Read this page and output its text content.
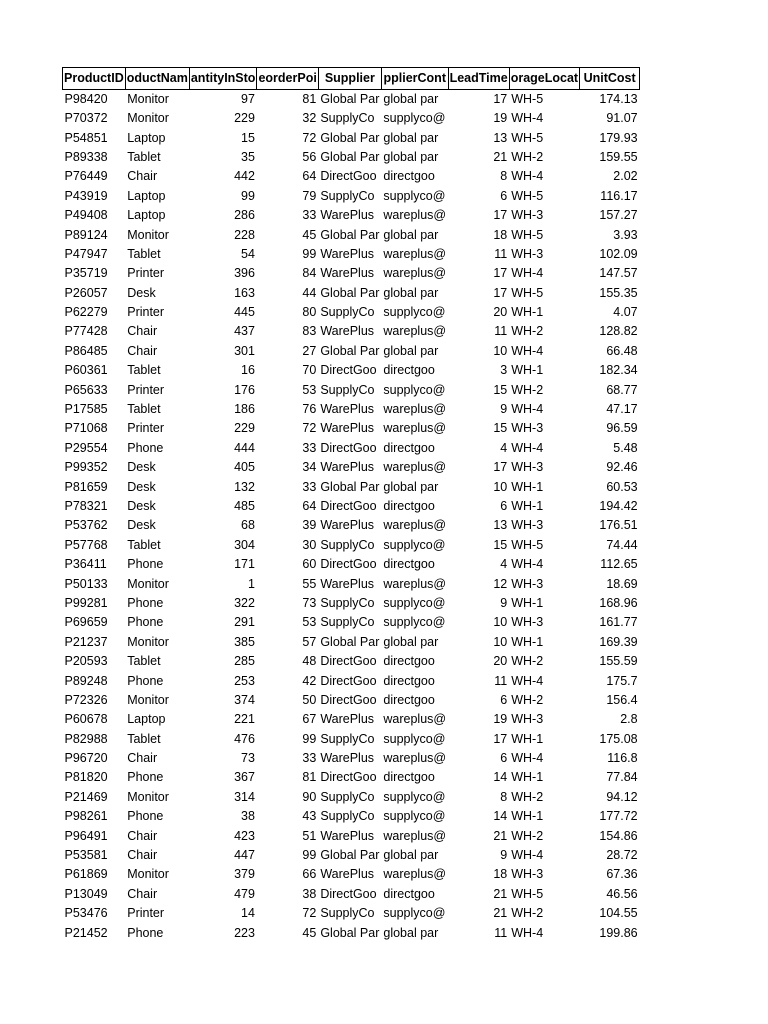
ProductID	oductNam	antityInSto	eorderPoi	Supplier	pplierCont	LeadTime	orageLocat	UnitCost
P98420	Monitor	97	81	Global Par	global par	17	WH-5	174.13
P70372	Monitor	229	32	SupplyCo	supplyco@	19	WH-4	91.07
P54851	Laptop	15	72	Global Par	global par	13	WH-5	179.93
P89338	Tablet	35	56	Global Par	global par	21	WH-2	159.55
P76449	Chair	442	64	DirectGoo	directgoo	8	WH-4	2.02
P43919	Laptop	99	79	SupplyCo	supplyco@	6	WH-5	116.17
P49408	Laptop	286	33	WarePlus	wareplus@	17	WH-3	157.27
P89124	Monitor	228	45	Global Par	global par	18	WH-5	3.93
P47947	Tablet	54	99	WarePlus	wareplus@	11	WH-3	102.09
P35719	Printer	396	84	WarePlus	wareplus@	17	WH-4	147.57
P26057	Desk	163	44	Global Par	global par	17	WH-5	155.35
P62279	Printer	445	80	SupplyCo	supplyco@	20	WH-1	4.07
P77428	Chair	437	83	WarePlus	wareplus@	11	WH-2	128.82
P86485	Chair	301	27	Global Par	global par	10	WH-4	66.48
P60361	Tablet	16	70	DirectGoo	directgoo	3	WH-1	182.34
P65633	Printer	176	53	SupplyCo	supplyco@	15	WH-2	68.77
P17585	Tablet	186	76	WarePlus	wareplus@	9	WH-4	47.17
P71068	Printer	229	72	WarePlus	wareplus@	15	WH-3	96.59
P29554	Phone	444	33	DirectGoo	directgoo	4	WH-4	5.48
P99352	Desk	405	34	WarePlus	wareplus@	17	WH-3	92.46
P81659	Desk	132	33	Global Par	global par	10	WH-1	60.53
P78321	Desk	485	64	DirectGoo	directgoo	6	WH-1	194.42
P53762	Desk	68	39	WarePlus	wareplus@	13	WH-3	176.51
P57768	Tablet	304	30	SupplyCo	supplyco@	15	WH-5	74.44
P36411	Phone	171	60	DirectGoo	directgoo	4	WH-4	112.65
P50133	Monitor	1	55	WarePlus	wareplus@	12	WH-3	18.69
P99281	Phone	322	73	SupplyCo	supplyco@	9	WH-1	168.96
P69659	Phone	291	53	SupplyCo	supplyco@	10	WH-3	161.77
P21237	Monitor	385	57	Global Par	global par	10	WH-1	169.39
P20593	Tablet	285	48	DirectGoo	directgoo	20	WH-2	155.59
P89248	Phone	253	42	DirectGoo	directgoo	11	WH-4	175.7
P72326	Monitor	374	50	DirectGoo	directgoo	6	WH-2	156.4
P60678	Laptop	221	67	WarePlus	wareplus@	19	WH-3	2.8
P82988	Tablet	476	99	SupplyCo	supplyco@	17	WH-1	175.08
P96720	Chair	73	33	WarePlus	wareplus@	6	WH-4	116.8
P81820	Phone	367	81	DirectGoo	directgoo	14	WH-1	77.84
P21469	Monitor	314	90	SupplyCo	supplyco@	8	WH-2	94.12
P98261	Phone	38	43	SupplyCo	supplyco@	14	WH-1	177.72
P96491	Chair	423	51	WarePlus	wareplus@	21	WH-2	154.86
P53581	Chair	447	99	Global Par	global par	9	WH-4	28.72
P61869	Monitor	379	66	WarePlus	wareplus@	18	WH-3	67.36
P13049	Chair	479	38	DirectGoo	directgoo	21	WH-5	46.56
P53476	Printer	14	72	SupplyCo	supplyco@	21	WH-2	104.55
P21452	Phone	223	45	Global Par	global par	11	WH-4	199.86
